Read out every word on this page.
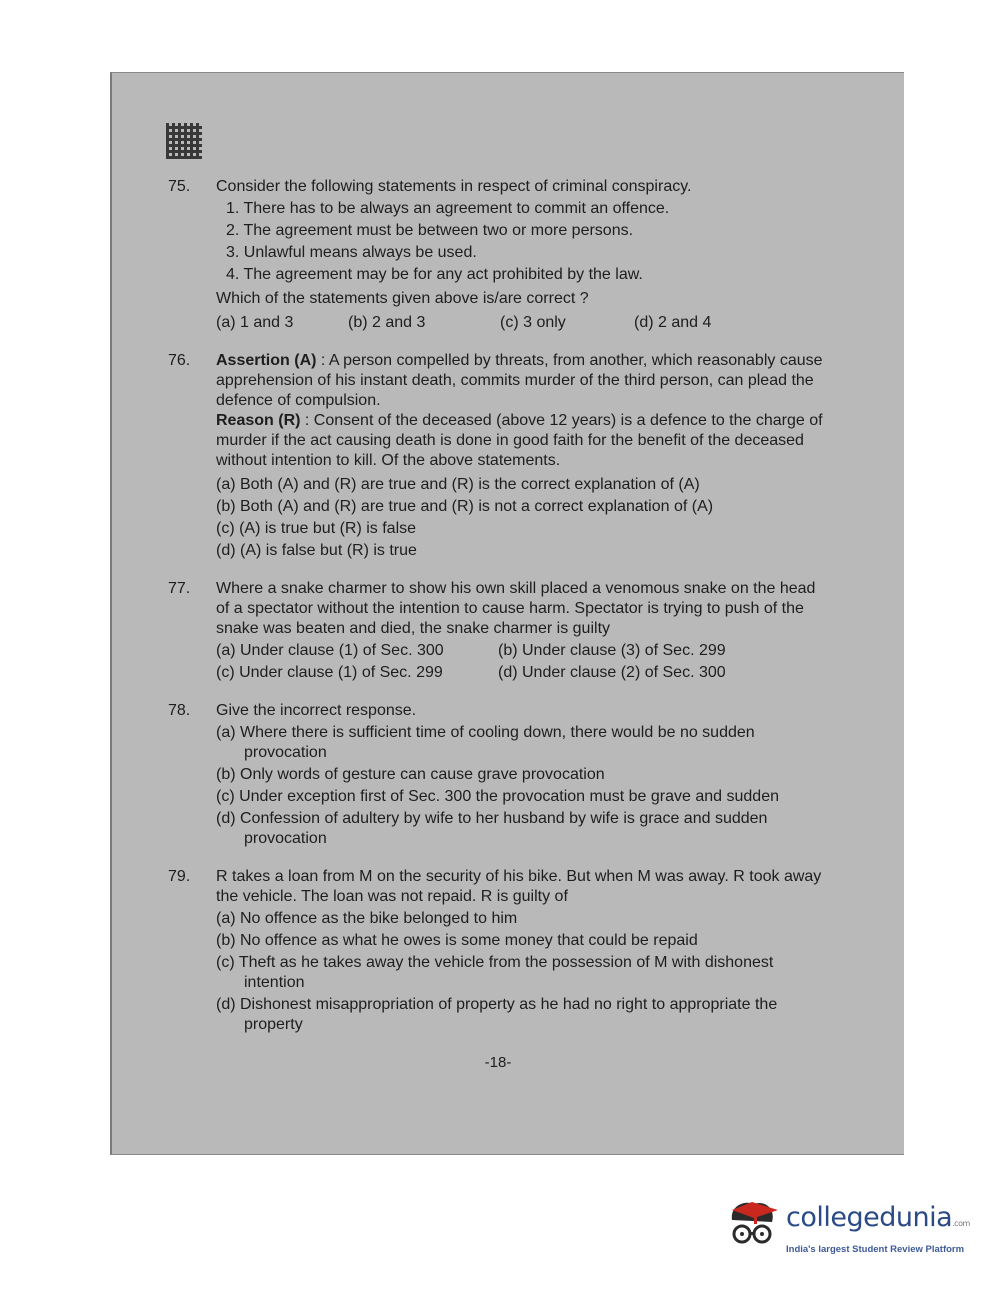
75.	Consider the following statements in respect of criminal conspiracy.
1. There has to be always an agreement to commit an offence.
2. The agreement must be between two or more persons.
3. Unlawful means always be used.
4. The agreement may be for any act prohibited by the law.
Which of the statements given above is/are correct ?
(a) 1 and 3	(b) 2 and 3	(c) 3 only	(d) 2 and 4
76.	Assertion (A) : A person compelled by threats, from another, which reasonably cause apprehension of his instant death, commits murder of the third person, can plead the defence of compulsion.
Reason (R) : Consent of the deceased (above 12 years) is a defence to the charge of murder if the act causing death is done in good faith for the benefit of the deceased without intention to kill. Of the above statements.
(a) Both (A) and (R) are true and (R) is the correct explanation of (A)
(b) Both (A) and (R) are true and (R) is not a correct explanation of (A)
(c) (A) is true but (R) is false
(d) (A) is false but (R) is true
77.	Where a snake charmer to show his own skill placed a venomous snake on the head of a spectator without the intention to cause harm. Spectator is trying to push of the snake was beaten and died, the snake charmer is guilty
(a) Under clause (1) of Sec. 300	(b) Under clause (3) of Sec. 299
(c) Under clause (1) of Sec. 299	(d) Under clause (2) of Sec. 300
78.	Give the incorrect response.
(a) Where there is sufficient time of cooling down, there would be no sudden provocation
(b) Only words of gesture can cause grave provocation
(c) Under exception first of Sec. 300 the provocation must be grave and sudden
(d) Confession of adultery by wife to her husband by wife is grace and sudden provocation
79.	R takes a loan from M on the security of his bike. But when M was away. R took away the vehicle. The loan was not repaid. R is guilty of
(a) No offence as the bike belonged to him
(b) No offence as what he owes is some money that could be repaid
(c) Theft as he takes away the vehicle from the possession of M with dishonest intention
(d) Dishonest misappropriation of property as he had no right to appropriate the property
-18-
collegedunia.com
India's largest Student Review Platform
